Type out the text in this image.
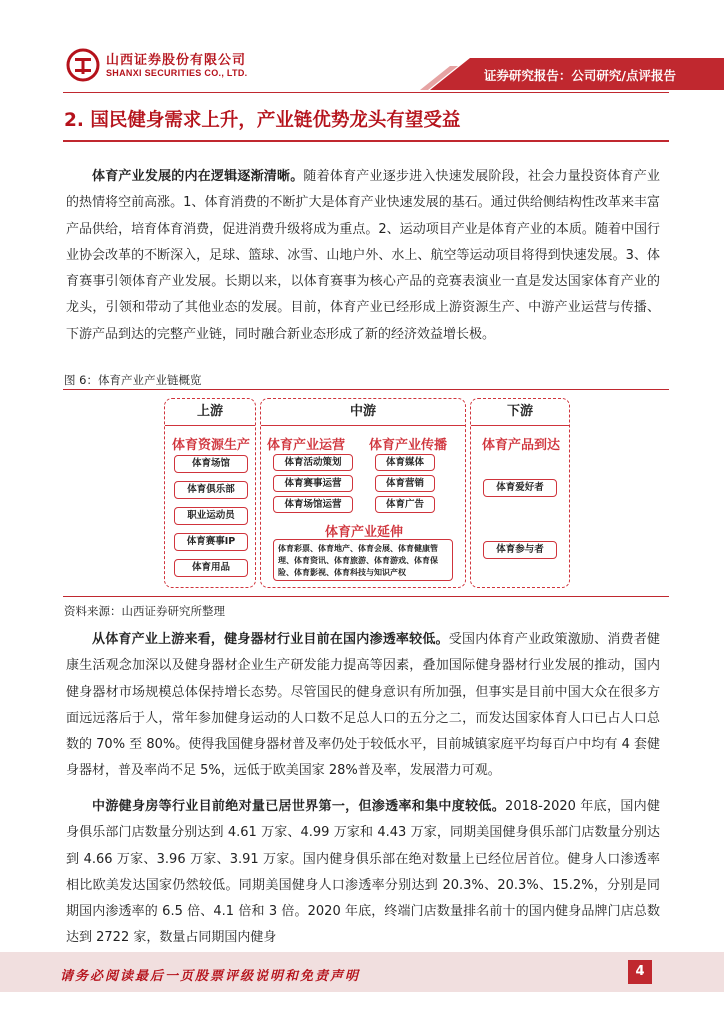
山西证券股份有限公司
SHANXI SECURITIES CO., LTD.	证券研究报告：公司研究/点评报告
2. 国民健身需求上升，产业链优势龙头有望受益
体育产业发展的内在逻辑逐渐清晰。随着体育产业逐步进入快速发展阶段，社会力量投资体育产业的热情将空前高涨。1、体育消费的不断扩大是体育产业快速发展的基石。通过供给侧结构性改革来丰富产品供给，培育体育消费，促进消费升级将成为重点。2、运动项目产业是体育产业的本质。随着中国行业协会改革的不断深入，足球、篮球、冰雪、山地户外、水上、航空等运动项目将得到快速发展。3、体育赛事引领体育产业发展。长期以来，以体育赛事为核心产品的竞赛表演业一直是发达国家体育产业的龙头，引领和带动了其他业态的发展。目前，体育产业已经形成上游资源生产、中游产业运营与传播、下游产品到达的完整产业链，同时融合新业态形成了新的经济效益增长极。
图 6：体育产业产业链概览
上游
体育资源生产
体育场馆
体育俱乐部
职业运动员
体育赛事IP
体育用品
中游
体育产业运营
体育活动策划
体育赛事运营
体育场馆运营
体育产业传播
体育媒体
体育营销
体育广告
体育产业延伸
体育彩票、体育地产、体育会展、体育健康管理、体育资讯、体育旅游、体育游戏、体育保险、体育影视、体育科技与知识产权
下游
体育产品到达
体育爱好者
体育参与者
资料来源：山西证券研究所整理
从体育产业上游来看，健身器材行业目前在国内渗透率较低。受国内体育产业政策激励、消费者健康生活观念加深以及健身器材企业生产研发能力提高等因素，叠加国际健身器材行业发展的推动，国内健身器材市场规模总体保持增长态势。尽管国民的健身意识有所加强，但事实是目前中国大众在很多方面远远落后于人，常年参加健身运动的人口数不足总人口的五分之二，而发达国家体育人口已占人口总数的 70% 至 80%。使得我国健身器材普及率仍处于较低水平，目前城镇家庭平均每百户中均有 4 套健身器材，普及率尚不足 5%，远低于欧美国家 28%普及率，发展潜力可观。
中游健身房等行业目前绝对量已居世界第一，但渗透率和集中度较低。2018-2020 年底，国内健身俱乐部门店数量分别达到 4.61 万家、4.99 万家和 4.43 万家，同期美国健身俱乐部门店数量分别达到 4.66 万家、3.96 万家、3.91 万家。国内健身俱乐部在绝对数量上已经位居首位。健身人口渗透率相比欧美发达国家仍然较低。同期美国健身人口渗透率分别达到 20.3%、20.3%、15.2%，分别是同期国内渗透率的 6.5 倍、4.1 倍和 3 倍。2020 年底，终端门店数量排名前十的国内健身品牌门店总数达到 2722 家，数量占同期国内健身
请务必阅读最后一页股票评级说明和免责声明	4
